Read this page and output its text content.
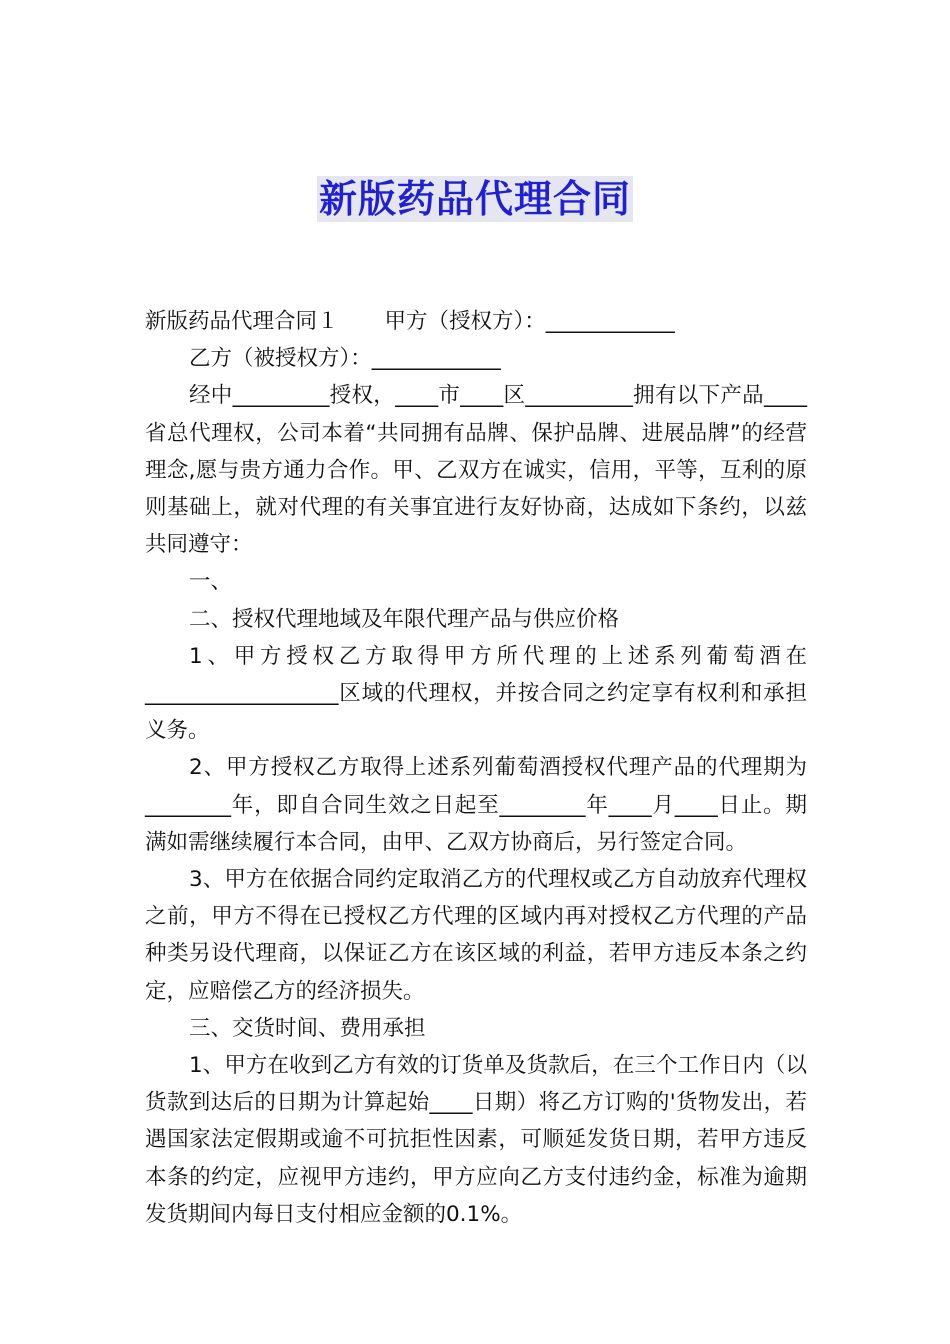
新版药品代理合同

新版药品代理合同１ 甲方（授权方）：____________

乙方（被授权方）：____________

经中_________授权，____市____区__________拥有以下产品____省总代理权，公司本着“共同拥有品牌、保护品牌、进展品牌”的经营理念,愿与贵方通力合作。甲、乙双方在诚实，信用，平等，互利的原则基础上，就对代理的有关事宜进行友好协商，达成如下条约，以兹共同遵守：

一、

二、授权代理地域及年限代理产品与供应价格

1、甲方授权乙方取得甲方所代理的上述系列葡萄酒在__________________区域的代理权，并按合同之约定享有权利和承担义务。

2、甲方授权乙方取得上述系列葡萄酒授权代理产品的代理期为________年，即自合同生效之日起至________年____月____日止。期满如需继续履行本合同，由甲、乙双方协商后，另行签定合同。

3、甲方在依据合同约定取消乙方的代理权或乙方自动放弃代理权之前，甲方不得在已授权乙方代理的区域内再对授权乙方代理的产品种类另设代理商，以保证乙方在该区域的利益，若甲方违反本条之约定，应赔偿乙方的经济损失。

三、交货时间、费用承担

1、甲方在收到乙方有效的订货单及货款后，在三个工作日内（以货款到达后的日期为计算起始____日期）将乙方订购的'货物发出，若遇国家法定假期或逾不可抗拒性因素，可顺延发货日期，若甲方违反本条的约定，应视甲方违约，甲方应向乙方支付违约金，标准为逾期发货期间内每日支付相应金额的0.1%。
